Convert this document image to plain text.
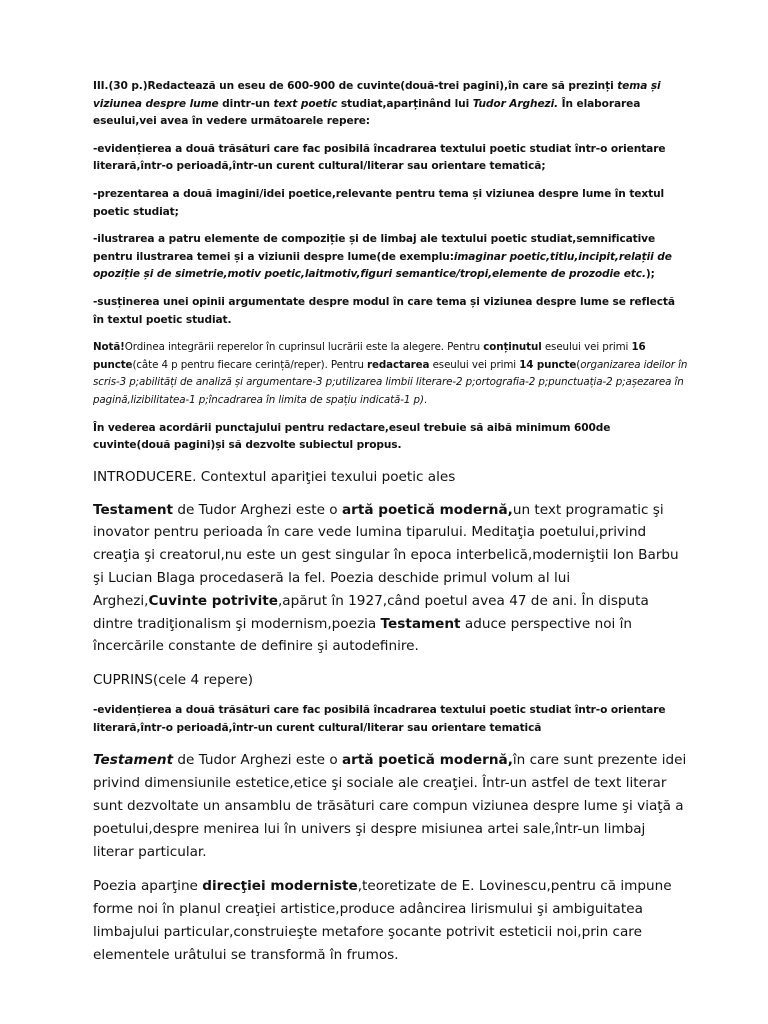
III.(30 p.)Redactează un eseu de 600-900 de cuvinte(două-trei pagini),în care să prezinți tema și viziunea despre lume dintr-un text poetic studiat,aparținând lui Tudor Arghezi. În elaborarea eseului,vei avea în vedere următoarele repere:

-evidențierea a două trăsături care fac posibilă încadrarea textului poetic studiat într-o orientare literară,într-o perioadă,într-un curent cultural/literar sau orientare tematică;

-prezentarea a două imagini/idei poetice,relevante pentru tema și viziunea despre lume în textul poetic studiat;

-ilustrarea a patru elemente de compoziție și de limbaj ale textului poetic studiat,semnificative pentru ilustrarea temei și a viziunii despre lume(de exemplu:imaginar poetic,titlu,incipit,relații de opoziție și de simetrie,motiv poetic,laitmotiv,figuri semantice/tropi,elemente de prozodie etc.);

-susținerea unei opinii argumentate despre modul în care tema și viziunea despre lume se reflectă în textul poetic studiat.

Notă!Ordinea integrării reperelor în cuprinsul lucrării este la alegere. Pentru conținutul eseului vei primi 16 puncte(câte 4 p pentru fiecare cerință/reper). Pentru redactarea eseului vei primi 14 puncte(organizarea ideilor în scris-3 p;abilități de analiză și argumentare-3 p;utilizarea limbii literare-2 p;ortografia-2 p;punctuația-2 p;așezarea în pagină,lizibilitatea-1 p;încadrarea în limita de spațiu indicată-1 p).

În vederea acordării punctajului pentru redactare,eseul trebuie să aibă minimum 600de cuvinte(două pagini)și să dezvolte subiectul propus.

INTRODUCERE. Contextul apariţiei texului poetic ales

Testament de Tudor Arghezi este o artă poetică modernă,un text programatic şi inovator pentru perioada în care vede lumina tiparului. Meditaţia poetului,privind creaţia şi creatorul,nu este un gest singular în epoca interbelică,moderniştii Ion Barbu şi Lucian Blaga procedaseră la fel. Poezia deschide primul volum al lui Arghezi,Cuvinte potrivite,apărut în 1927,când poetul avea 47 de ani. În disputa dintre tradiţionalism şi modernism,poezia Testament aduce perspective noi în încercările constante de definire şi autodefinire.

CUPRINS(cele 4 repere)

-evidențierea a două trăsături care fac posibilă încadrarea textului poetic studiat într-o orientare literară,într-o perioadă,într-un curent cultural/literar sau orientare tematică

Testament de Tudor Arghezi este o artă poetică modernă,în care sunt prezente idei privind dimensiunile estetice,etice şi sociale ale creaţiei. Într-un astfel de text literar sunt dezvoltate un ansamblu de trăsături care compun viziunea despre lume şi viaţă a poetului,despre menirea lui în univers şi despre misiunea artei sale,într-un limbaj literar particular.

Poezia aparţine direcţiei moderniste,teoretizate de E. Lovinescu,pentru că impune forme noi în planul creaţiei artistice,produce adâncirea lirismului şi ambiguitatea limbajului particular,construieşte metafore şocante potrivit esteticii noi,prin care elementele urâtului se transformă în frumos.
